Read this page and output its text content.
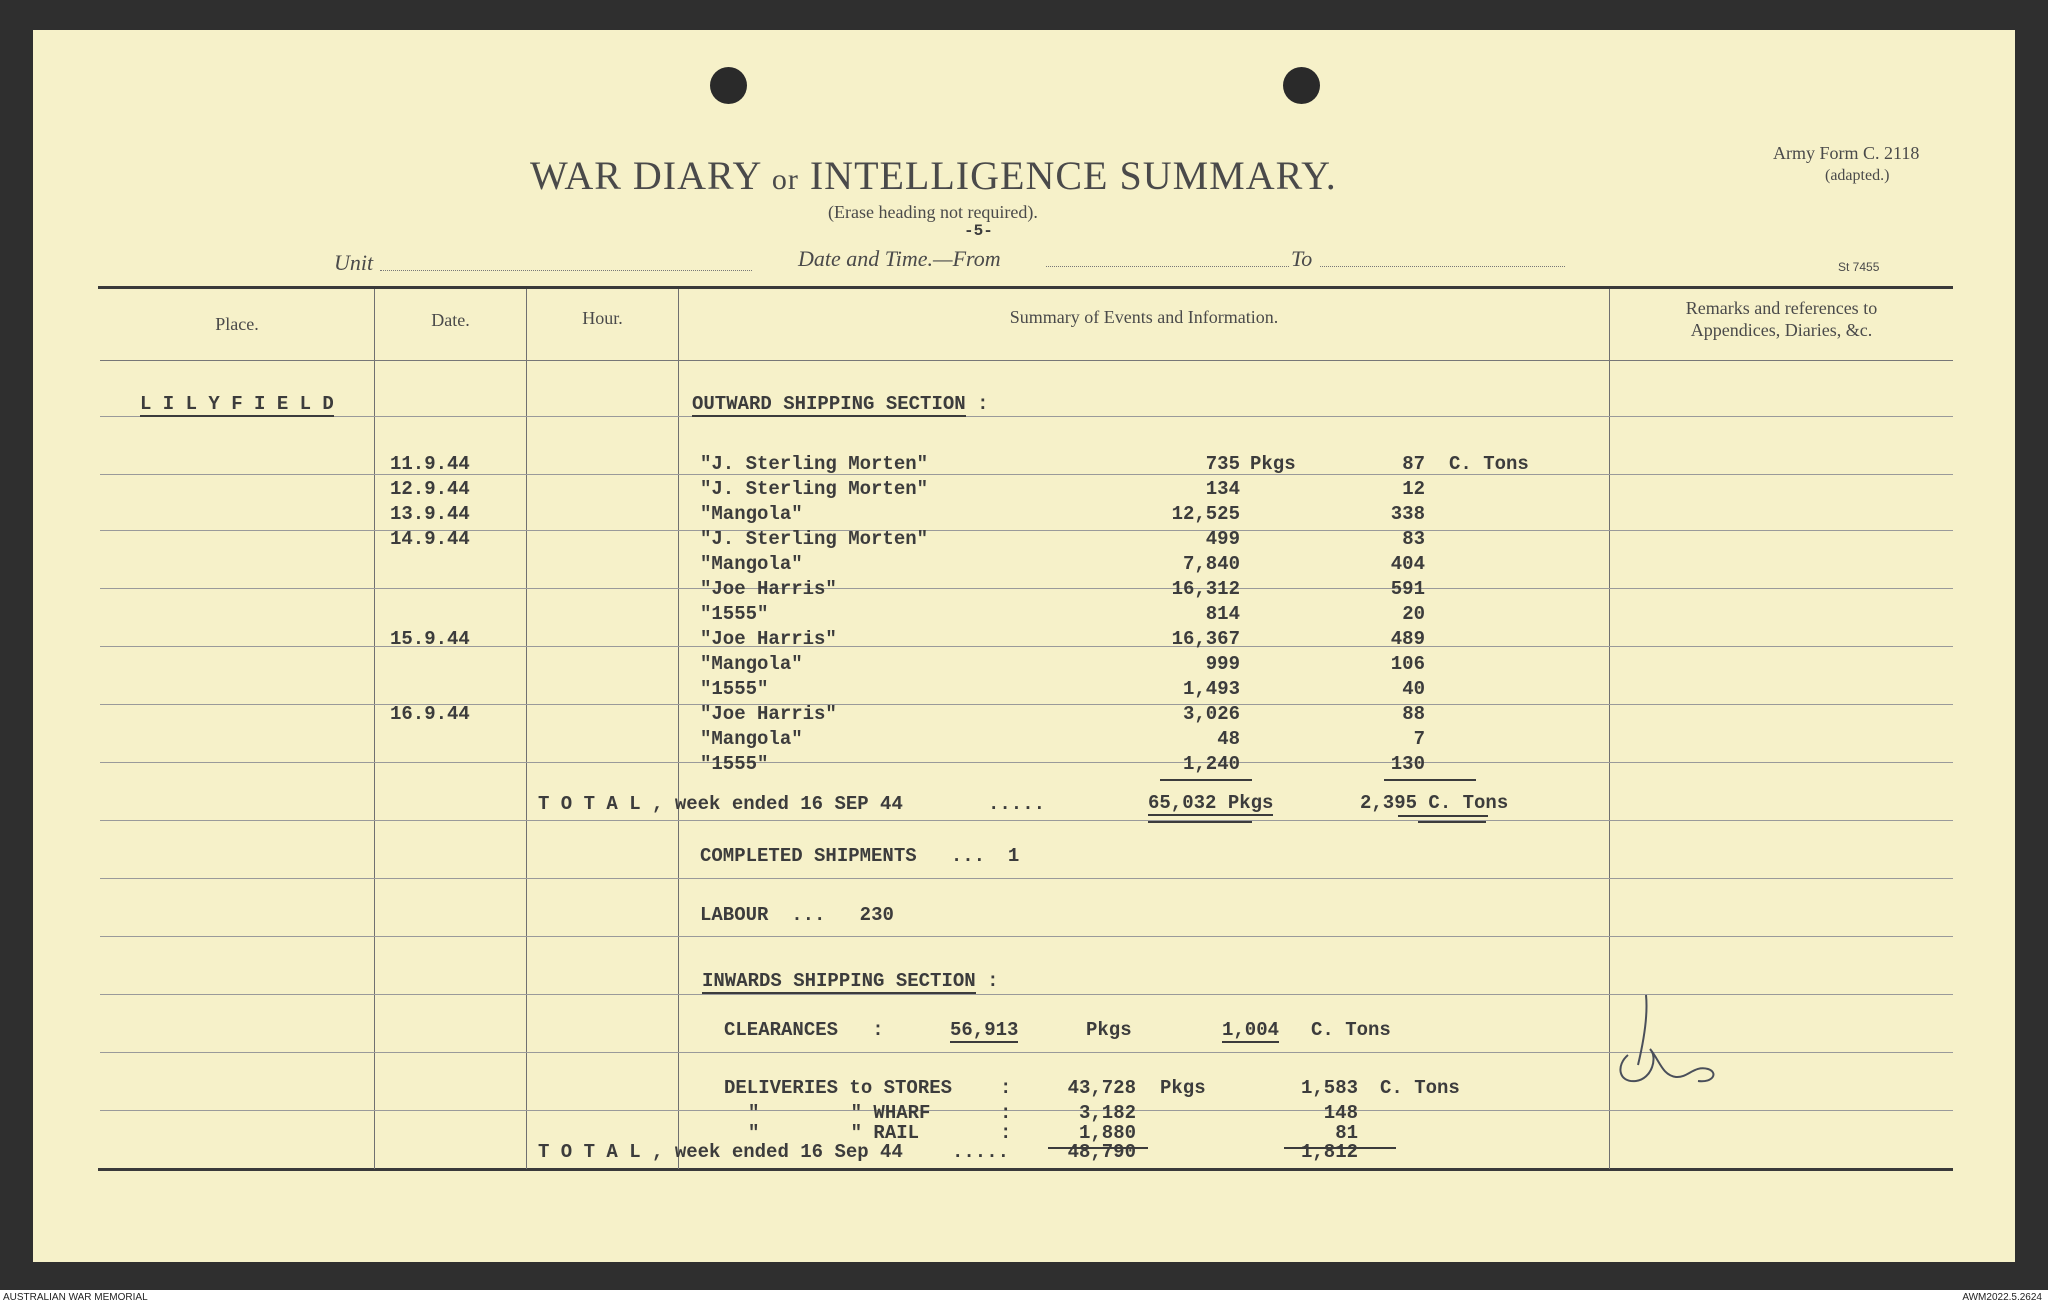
WAR DIARY or INTELLIGENCE SUMMARY.
(Erase heading not required).
-5-
Army Form C. 2118
(adapted.)
St 7455
Unit	Date and Time.—From	To
Place.	Date.	Hour.	Summary of Events and Information.	Remarks and references to
Appendices, Diaries, &c.
L I L Y F I E L D	OUTWARD SHIPPING SECTION :
11.9.44	"J. Sterling Morten"	735 Pkgs	87 C. Tons
12.9.44	"J. Sterling Morten"	134	12
13.9.44	"Mangola"	12,525	338
14.9.44	"J. Sterling Morten"	499	83
"Mangola"	7,840	404
"Joe Harris"	16,312	591
"1555"	814	20
15.9.44	"Joe Harris"	16,367	489
"Mangola"	999	106
"1555"	1,493	40
16.9.44	"Joe Harris"	3,026	88
"Mangola"	48	7
"1555"	1,240	130
T O T A L , week ended 16 SEP 44	.....	65,032 Pkgs	2,395 C. Tons
COMPLETED SHIPMENTS ... 1
LABOUR ... 230
INWARDS SHIPPING SECTION :
CLEARANCES :	56,913	Pkgs	1,004 C. Tons
DELIVERIES to STORES	:	43,728 Pkgs	1,583 C. Tons
"        " WHARF	:	3,182	148
"        " RAIL	:	1,880	81
T O T A L , week ended 16 Sep 44	.....	48,790	1,812
AUSTRALIAN WAR MEMORIAL	AWM2022.5.2624
